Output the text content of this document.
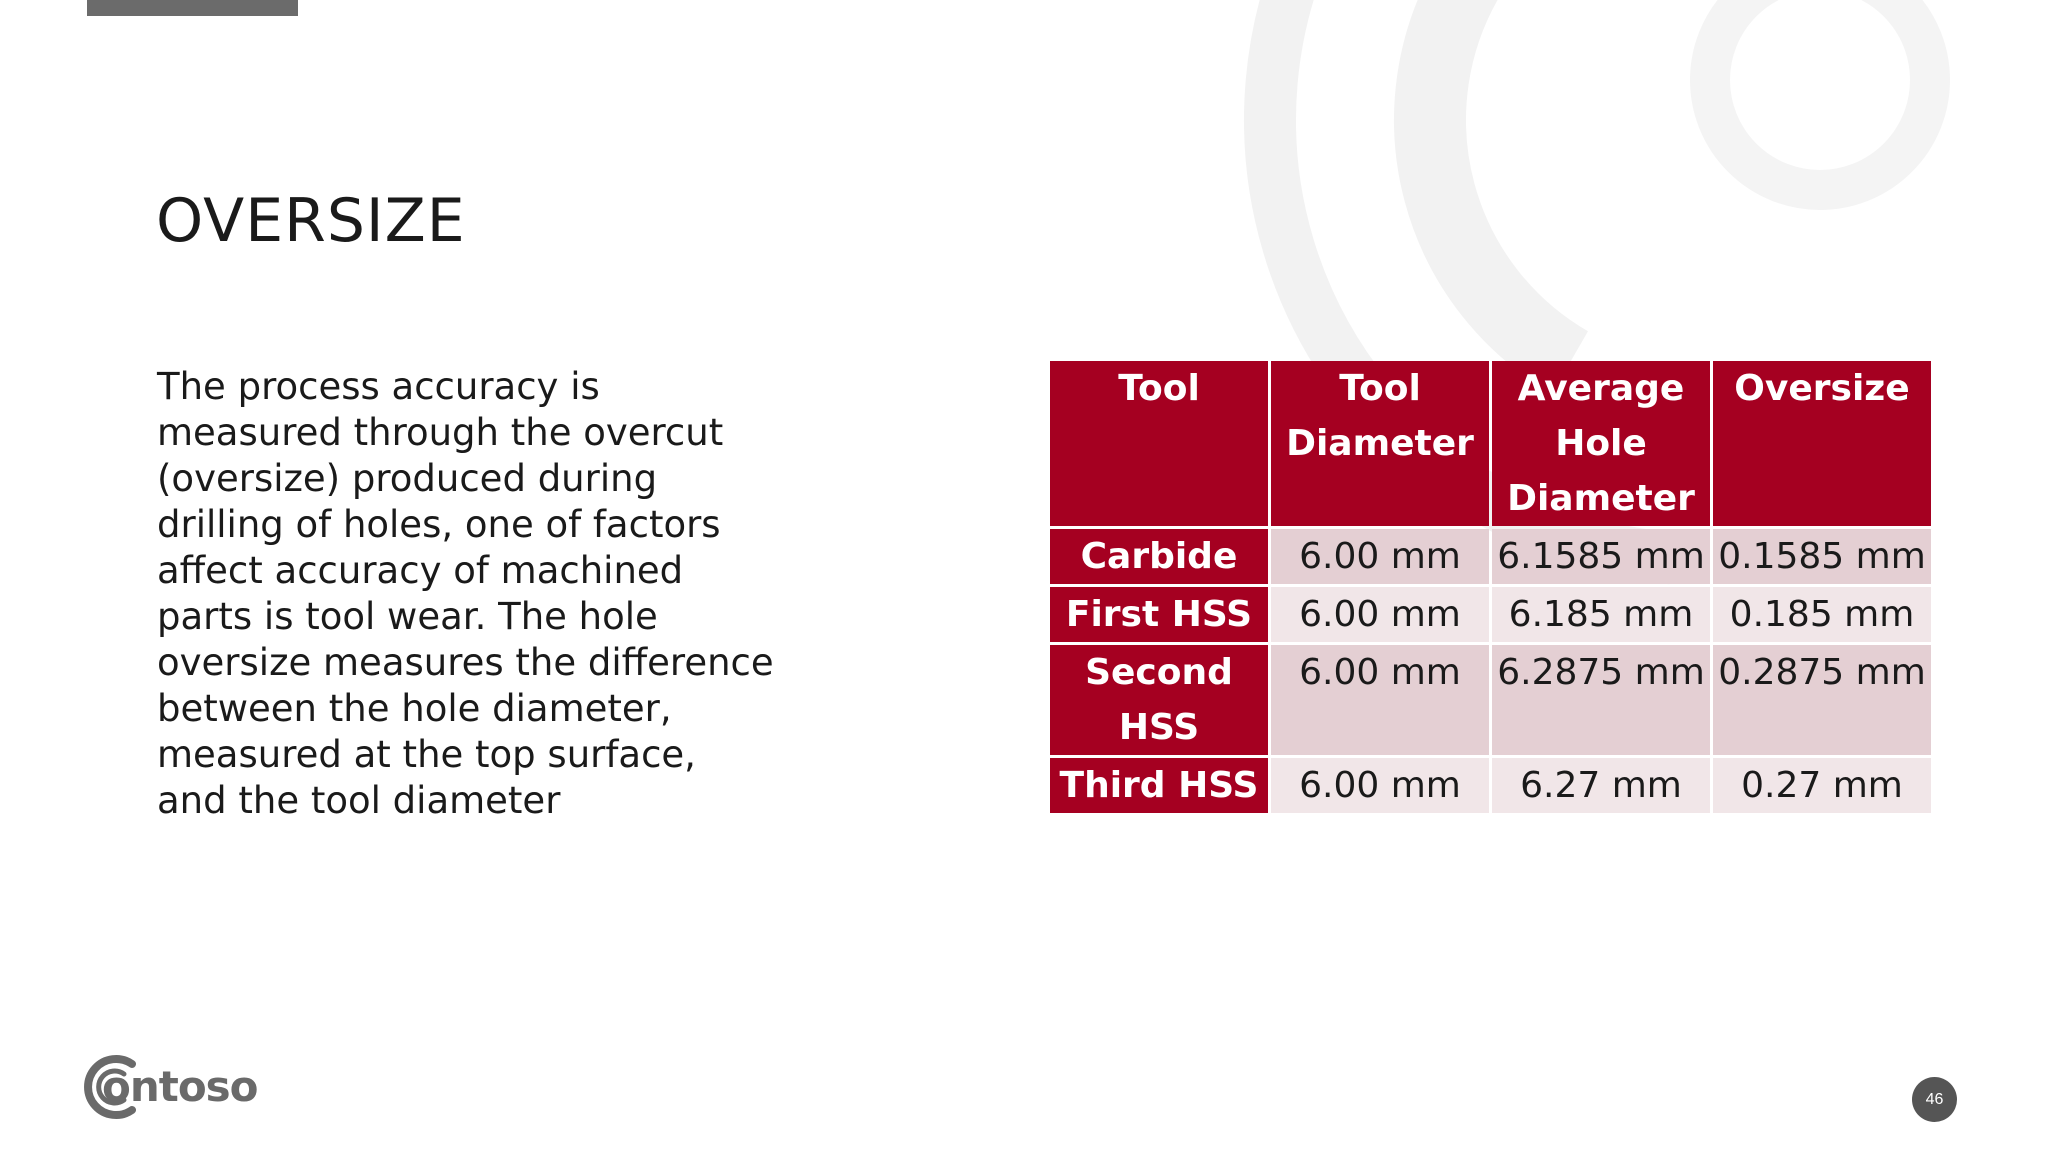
OVERSIZE
The process accuracy is measured through the overcut (oversize) produced during drilling of holes, one of factors affect accuracy of machined parts is tool wear. The hole oversize measures the difference between the hole diameter, measured at the top surface, and the tool diameter
Tool	Tool Diameter	Average Hole Diameter	Oversize
Carbide	6.00 mm	6.1585 mm	0.1585 mm
First HSS	6.00 mm	6.185 mm	0.185 mm
Second HSS	6.00 mm	6.2875 mm	0.2875 mm
Third HSS	6.00 mm	6.27 mm	0.27 mm
ontoso	46
